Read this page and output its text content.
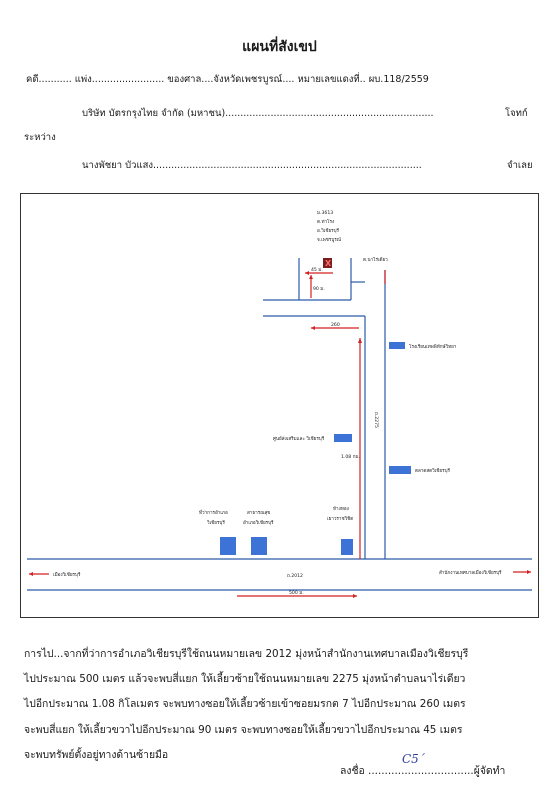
แผนที่สังเขป
คดี........... แพ่ง........................ ของศาล....จังหวัดเพชรบูรณ์.... หมายเลขแดงที่.. ผบ.118/2559
บริษัท บัตรกรุงไทย จำกัด (มหาชน).....................................................................	โจทก์
ระหว่าง
นางพัชยา บัวแสง.........................................................................................	จำเลย
ม.3613
ต.ท่าโรง
อ.วิเชียรบุรี
จ.เพชรบูรณ์
X	ต.นาไร่เดียว
45 ม.
90 ม.
260
1.08 กม.
ถ.2275
ถ.2012
500 ม.
เมืองวิเชียรบุรี	สำนักงานเทศบาลเมืองวิเชียรบุรี
โรงเรียนเทพพิทักษ์วิทยา
ศูนย์ส่งเสริมและ วิเชียรบุรี
ตลาดสดวิเชียรบุรี
ที่ว่าการอำเภอ
วิเชียรบุรี
สาธารณสุข
อำเภอวิเชียรบุรี
ห้างทอง
เยาวราชวิชิต
การไป...จากที่ว่าการอำเภอวิเชียรบุรีใช้ถนนหมายเลข 2012 มุ่งหน้าสำนักงานเทศบาลเมืองวิเชียรบุรี
ไปประมาณ 500 เมตร แล้วจะพบสี่แยก ให้เลี้ยวซ้ายใช้ถนนหมายเลข 2275 มุ่งหน้าตำบลนาไร่เดียว
ไปอีกประมาณ 1.08 กิโลเมตร จะพบทางซอยให้เลี้ยวซ้ายเข้าซอยมรกต 7 ไปอีกประมาณ 260 เมตร
จะพบสี่แยก ให้เลี้ยวขวาไปอีกประมาณ 90 เมตร จะพบทางซอยให้เลี้ยวขวาไปอีกประมาณ 45 เมตร
จะพบทรัพย์ตั้งอยู่ทางด้านซ้ายมือ
ลงชื่อ ................................ผู้จัดทำ
C5´
